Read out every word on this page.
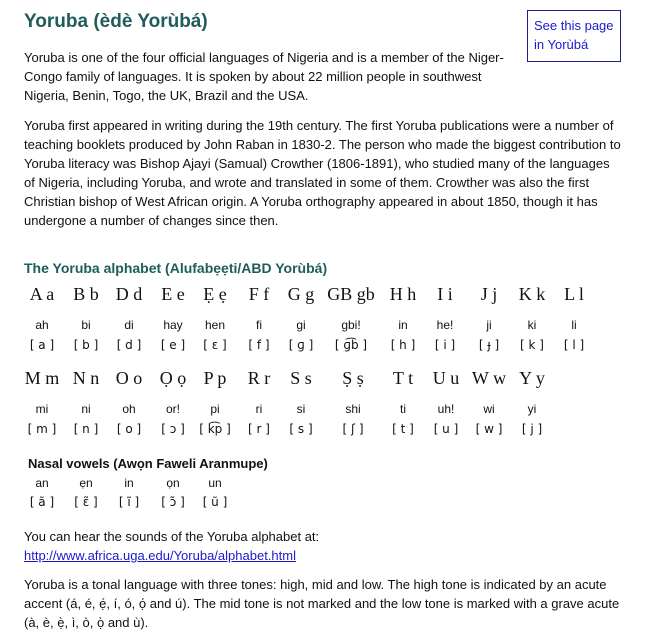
Yoruba (èdè Yorùbá)	See this page
in Yorùbá

Yoruba is one of the four official languages of Nigeria and is a member of the Niger-Congo family of languages. It is spoken by about 22 million people in southwest Nigeria, Benin, Togo, the UK, Brazil and the USA.

Yoruba first appeared in writing during the 19th century. The first Yoruba publications were a number of teaching booklets produced by John Raban in 1830-2. The person who made the biggest contribution to Yoruba literacy was Bishop Ajayi (Samual) Crowther (1806-1891), who studied many of the languages of Nigeria, including Yoruba, and wrote and translated in some of them. Crowther was also the first Christian bishop of West African origin. A Yoruba orthography appeared in about 1850, though it has undergone a number of changes since then.

The Yoruba alphabet (Alufabẹẹti/ABD Yorùbá)
A a
ah
[ a ]
B b
bi
[ b ]
D d
di
[ d ]
E e
hay
[ e ]
Ẹ ẹ
hen
[ ɛ ]
F f
fi
[ f ]
G g
gi
[ ɡ ]
GB gb
gbi!
[ ɡ͡b ]
H h
in
[ h ]
I i
he!
[ i ]
J j
ji
[ ɟ ]
K k
ki
[ k ]
L l
li
[ l ]
M m
mi
[ m ]
N n
ni
[ n ]
O o
oh
[ o ]
Ọ ọ
or!
[ ɔ ]
P p
pi
[ k͡p ]
R r
ri
[ r ]
S s
si
[ s ]
Ṣ ṣ
shi
[ ʃ ]
T t
ti
[ t ]
U u
uh!
[ u ]
W w
wi
[ w ]
Y y
yi
[ j ]
Nasal vowels (Awọn Faweli Aranmupe)
an
[ ã ]
ẹn
[ ɛ̃ ]
in
[ ĩ ]
ọn
[ ɔ̃ ]
un
[ ũ ]

You can hear the sounds of the Yoruba alphabet at:

http://www.africa.uga.edu/Yoruba/alphabet.html

Yoruba is a tonal language with three tones: high, mid and low. The high tone is indicated by an acute accent (á, é, ẹ́, í, ó, ọ́ and ú). The mid tone is not marked and the low tone is marked with a grave acute (à, è, ẹ̀, ì, ò, ọ̀ and ù).
